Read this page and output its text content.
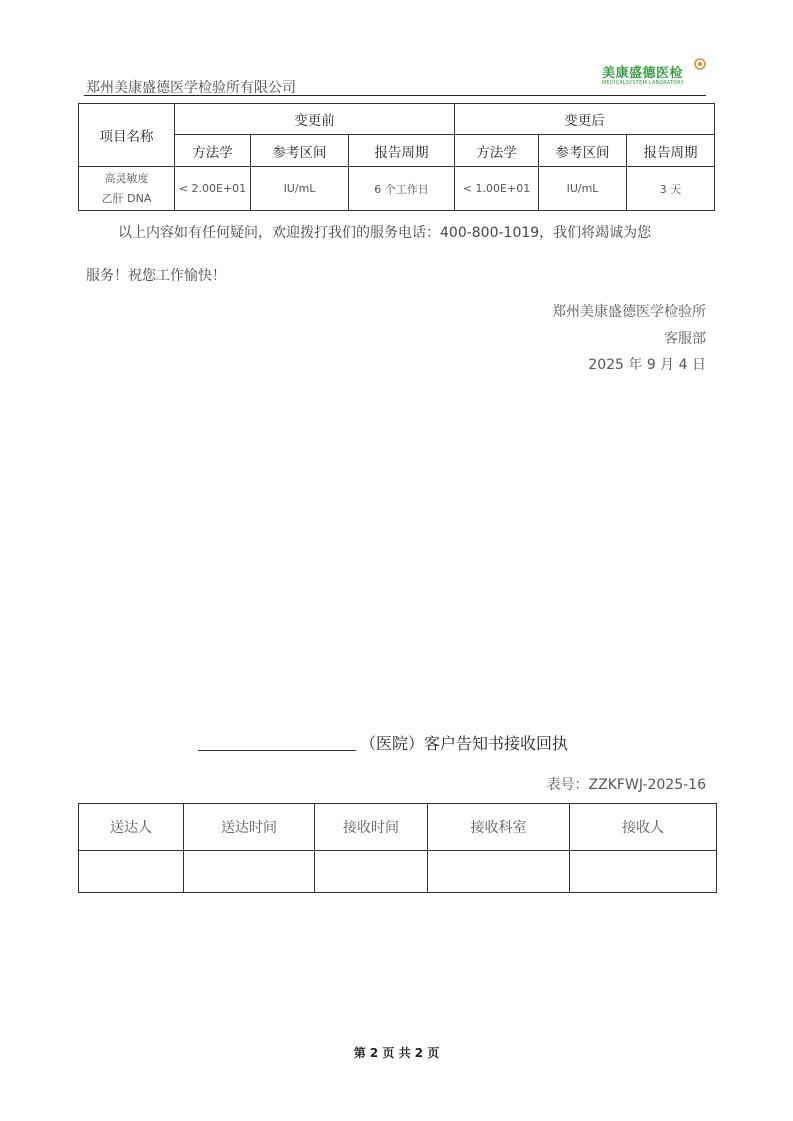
郑州美康盛德医学检验所有限公司
美康盛德医检
MEDICALSYSTEM LABORATORY
项目名称	变更前			变更后		
	方法学	参考区间	报告周期	方法学	参考区间	报告周期

高灵敏度
乙肝 DNA	< 2.00E+01	IU/mL	6 个工作日	< 1.00E+01	IU/mL	3 天
以上内容如有任何疑问，欢迎拨打我们的服务电话：400-800-1019，我们将竭诚为您
服务！祝您工作愉快！
郑州美康盛德医学检验所
客服部
2025 年 9 月 4 日
（医院）客户告知书接收回执
表号：ZZKFWJ-2025-16
送达人	送达时间	接收时间	接收科室	接收人

第 2 页 共 2 页
